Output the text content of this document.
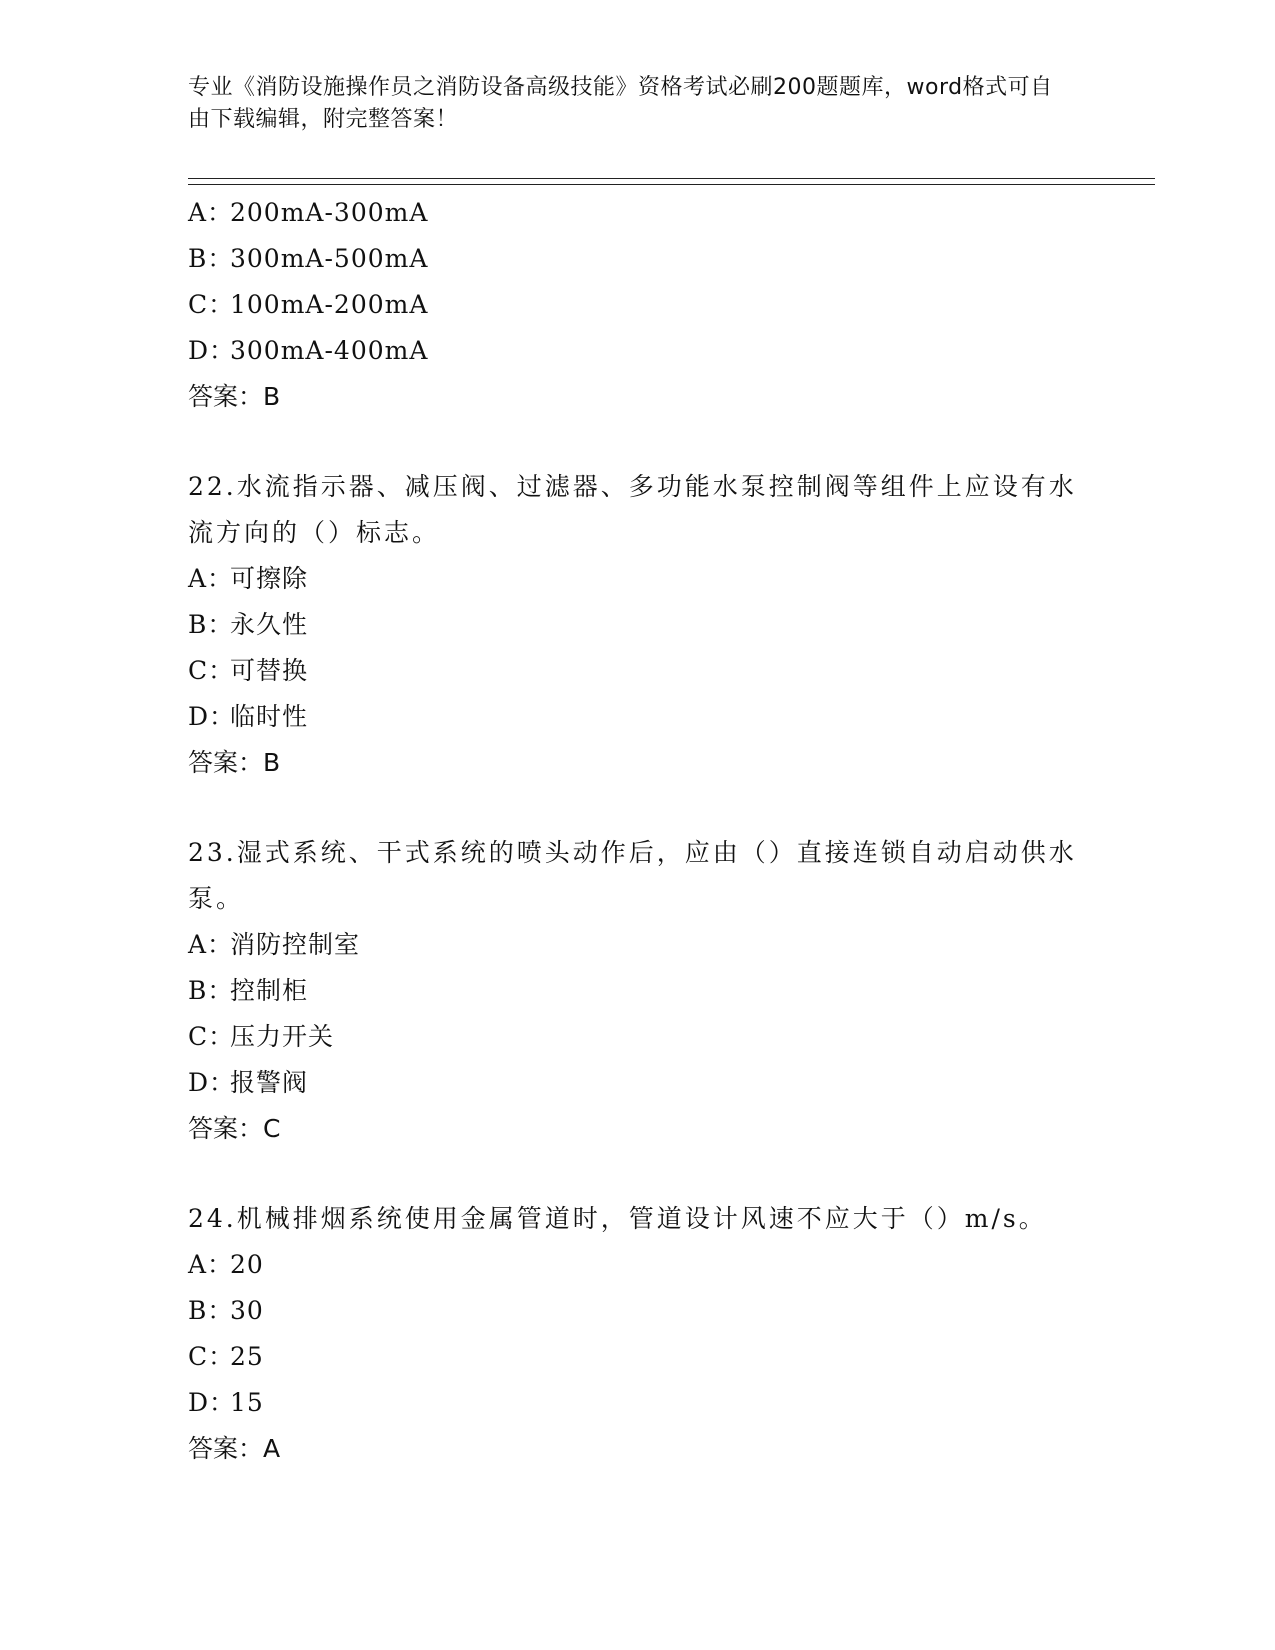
专业《消防设施操作员之消防设备高级技能》资格考试必刷200题题库，word格式可自由下载编辑，附完整答案！
A：200mA-300mA
B：300mA-500mA
C：100mA-200mA
D：300mA-400mA
答案：B
22.水流指示器、减压阀、过滤器、多功能水泵控制阀等组件上应设有水流方向的（）标志。
A：可擦除
B：永久性
C：可替换
D：临时性
答案：B
23.湿式系统、干式系统的喷头动作后，应由（）直接连锁自动启动供水泵。
A：消防控制室
B：控制柜
C：压力开关
D：报警阀
答案：C
24.机械排烟系统使用金属管道时，管道设计风速不应大于（）m/s。
A：20
B：30
C：25
D：15
答案：A
